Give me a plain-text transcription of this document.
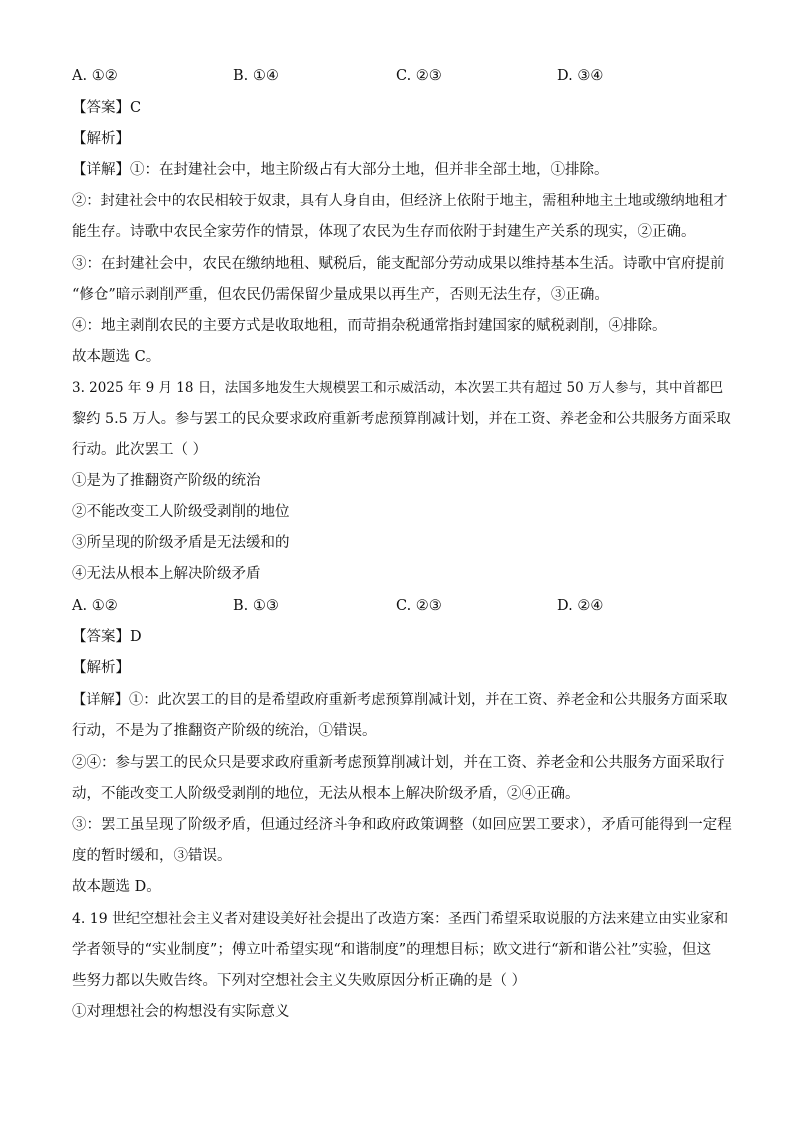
A. ①②	B. ①④	C. ②③	D. ③④
【答案】C
【解析】
【详解】①：在封建社会中，地主阶级占有大部分土地，但并非全部土地，①排除。
②：封建社会中的农民相较于奴隶，具有人身自由，但经济上依附于地主，需租种地主土地或缴纳地租才
能生存。诗歌中农民全家劳作的情景，体现了农民为生存而依附于封建生产关系的现实，②正确。
③：在封建社会中，农民在缴纳地租、赋税后，能支配部分劳动成果以维持基本生活。诗歌中官府提前
“修仓”暗示剥削严重，但农民仍需保留少量成果以再生产，否则无法生存，③正确。
④：地主剥削农民的主要方式是收取地租，而苛捐杂税通常指封建国家的赋税剥削，④排除。
故本题选 C。
3. 2025 年 9 月 18 日，法国多地发生大规模罢工和示威活动，本次罢工共有超过 50 万人参与，其中首都巴
黎约 5.5 万人。参与罢工的民众要求政府重新考虑预算削减计划，并在工资、养老金和公共服务方面采取
行动。此次罢工（ ）
①是为了推翻资产阶级的统治
②不能改变工人阶级受剥削的地位
③所呈现的阶级矛盾是无法缓和的
④无法从根本上解决阶级矛盾
A. ①②	B. ①③	C. ②③	D. ②④
【答案】D
【解析】
【详解】①：此次罢工的目的是希望政府重新考虑预算削减计划，并在工资、养老金和公共服务方面采取
行动，不是为了推翻资产阶级的统治，①错误。
②④：参与罢工的民众只是要求政府重新考虑预算削减计划，并在工资、养老金和公共服务方面采取行
动，不能改变工人阶级受剥削的地位，无法从根本上解决阶级矛盾，②④正确。
③：罢工虽呈现了阶级矛盾，但通过经济斗争和政府政策调整（如回应罢工要求），矛盾可能得到一定程
度的暂时缓和，③错误。
故本题选 D。
4. 19 世纪空想社会主义者对建设美好社会提出了改造方案：圣西门希望采取说服的方法来建立由实业家和
学者领导的“实业制度”；傅立叶希望实现“和谐制度”的理想目标；欧文进行“新和谐公社”实验，但这
些努力都以失败告终。下列对空想社会主义失败原因分析正确的是（ ）
①对理想社会的构想没有实际意义
